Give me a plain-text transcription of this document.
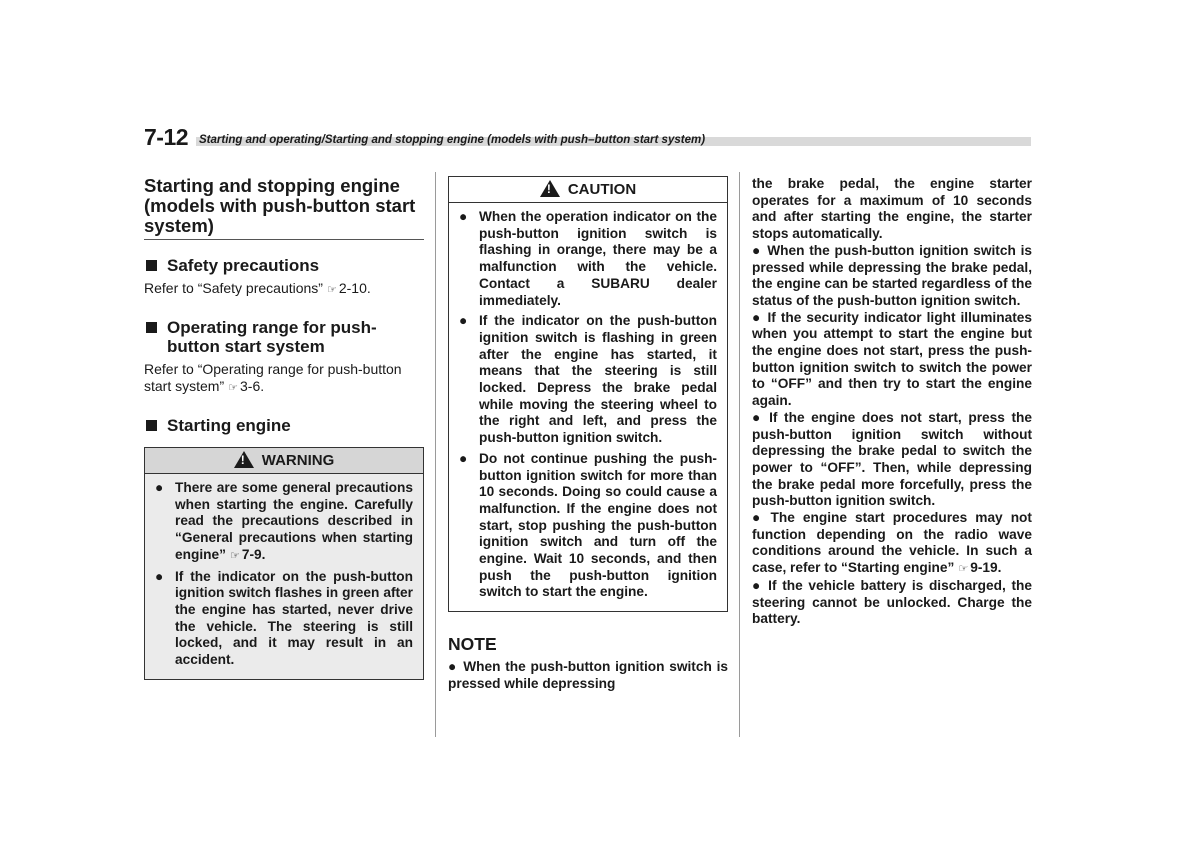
7-12 Starting and operating/Starting and stopping engine (models with push–button start system)
Starting and stopping engine (models with push-button start system)
Safety precautions

Refer to “Safety precautions” ☞ 2-10.

Operating range for push-button start system

Refer to “Operating range for push-button start system” ☞ 3-6.

Starting engine
!
WARNING
● There are some general precautions when starting the engine. Carefully read the precautions described in “General precautions when starting engine” ☞ 7-9.
● If the indicator on the push-button ignition switch flashes in green after the engine has started, never drive the vehicle. The steering is still locked, and it may result in an accident.
!
CAUTION
● When the operation indicator on the push-button ignition switch is flashing in orange, there may be a malfunction with the vehicle. Contact a SUBARU dealer immediately.
● If the indicator on the push-button ignition switch is flashing in green after the engine has started, it means that the steering is still locked. Depress the brake pedal while moving the steering wheel to the right and left, and press the push-button ignition switch.
● Do not continue pushing the push-button ignition switch for more than 10 seconds. Doing so could cause a malfunction. If the engine does not start, stop pushing the push-button ignition switch and turn off the engine. Wait 10 seconds, and then push the push-button ignition switch to start the engine.
NOTE

● When the push-button ignition switch is pressed while depressing

the brake pedal, the engine starter operates for a maximum of 10 seconds and after starting the engine, the starter stops automatically.

● When the push-button ignition switch is pressed while depressing the brake pedal, the engine can be started regardless of the status of the push-button ignition switch.

● If the security indicator light illuminates when you attempt to start the engine but the engine does not start, press the push-button ignition switch to switch the power to “OFF” and then try to start the engine again.

● If the engine does not start, press the push-button ignition switch without depressing the brake pedal to switch the power to “OFF”. Then, while depressing the brake pedal more forcefully, press the push-button ignition switch.

● The engine start procedures may not function depending on the radio wave conditions around the vehicle. In such a case, refer to “Starting engine” ☞ 9-19.

● If the vehicle battery is discharged, the steering cannot be unlocked. Charge the battery.
